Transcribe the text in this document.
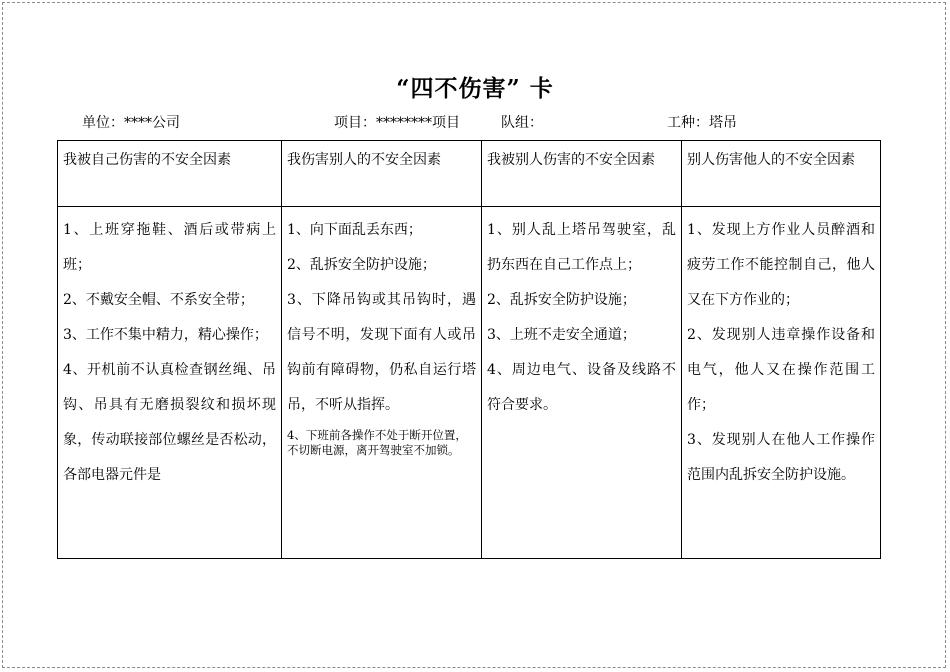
“四不伤害” 卡
单位：****公司	项目：********项目	队组：	工种：塔吊
我被自己伤害的不安全因素	我伤害别人的不安全因素	我被别人伤害的不安全因素	别人伤害他人的不安全因素

1、上班穿拖鞋、酒后或带病上班；
2、不戴安全帽、不系安全带；
3、工作不集中精力，精心操作；
4、开机前不认真检查钢丝绳、吊钩、吊具有无磨损裂纹和损坏现象，传动联接部位螺丝是否松动，各部电器元件是	1、向下面乱丢东西；
2、乱拆安全防护设施；
3、下降吊钩或其吊钩时，遇信号不明，发现下面有人或吊钩前有障碍物，仍私自运行塔吊，不听从指挥。
4、下班前各操作不处于断开位置，不切断电源，离开驾驶室不加锁。	1、别人乱上塔吊驾驶室，乱扔东西在自己工作点上；
2、乱拆安全防护设施；
3、上班不走安全通道；
4、周边电气、设备及线路不符合要求。	1、发现上方作业人员醉酒和疲劳工作不能控制自己，他人又在下方作业的；
2、发现别人违章操作设备和电气，他人又在操作范围工作；
3、发现别人在他人工作操作范围内乱拆安全防护设施。
